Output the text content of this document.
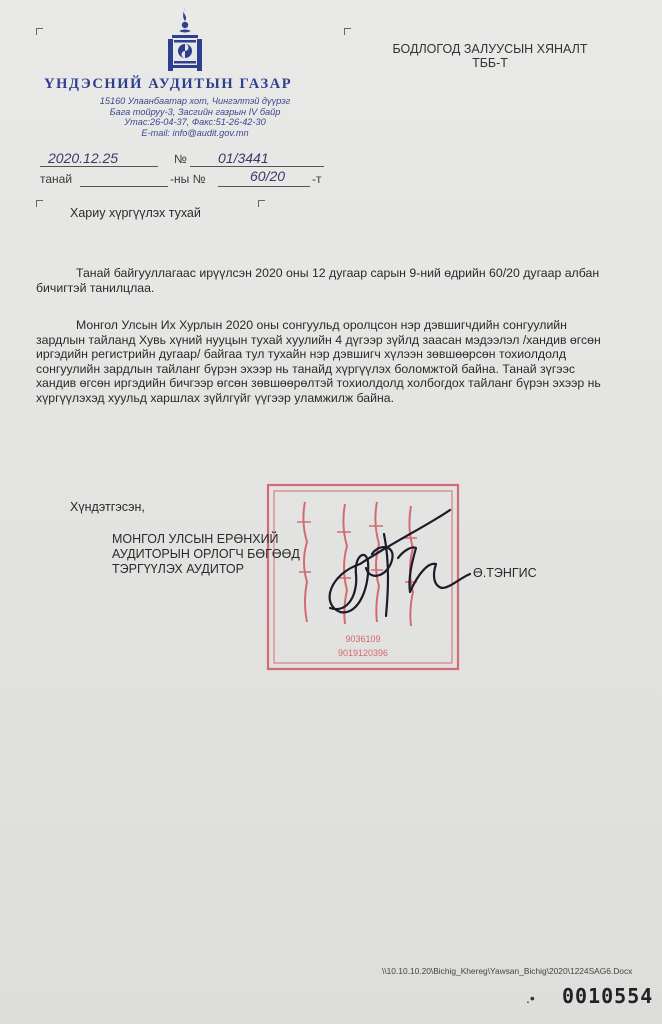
ҮНДЭСНИЙ АУДИТЫН ГАЗАР
15160 Улаанбаатар хот, Чингэлтэй дүүрэг
Бага тойруу-3, Засгийн газрын IV байр
Утас:26-04-37, Факс:51-26-42-30
E-mail: info@audit.gov.mn
БОДЛОГОД ЗАЛУУСЫН ХЯНАЛТ
ТББ-Т
2020.12.25	№ 01/3441
танай	-ны №	60/20 -т
Хариу хүргүүлэх тухай
Танай байгууллагаас ирүүлсэн 2020 оны 12 дугаар сарын 9-ний өдрийн 60/20 дугаар албан бичигтэй танилцлаа.
Монгол Улсын Их Хурлын 2020 оны сонгуульд оролцсон нэр дэвшигчдийн сонгуулийн зардлын тайланд Хувь хүний нууцын тухай хуулийн 4 дүгээр зүйлд заасан мэдээлэл /хандив өгсөн иргэдийн регистрийн дугаар/ байгаа тул тухайн нэр дэвшигч хүлээн зөвшөөрсөн тохиолдолд сонгуулийн зардлын тайланг бүрэн эхээр нь танайд хүргүүлэх боломжтой байна. Танай зүгээс хандив өгсөн иргэдийн бичгээр өгсөн зөвшөөрөлтэй тохиолдолд холбогдох тайланг бүрэн эхээр нь хүргүүлэхэд хуульд харшлах зүйлгүйг үүгээр уламжилж байна.
Хүндэтгэсэн,
9036109
9019120396
МОНГОЛ УЛСЫН ЕРӨНХИЙ
АУДИТОРЫН ОРЛОГЧ БӨГӨӨД
ТЭРГҮҮЛЭХ АУДИТОР	Ө.ТЭНГИС
\\10.10.10.20\Bichig_Khereg\Yawsan_Bichig\2020\1224SAG6.Docx
.• 0010554
